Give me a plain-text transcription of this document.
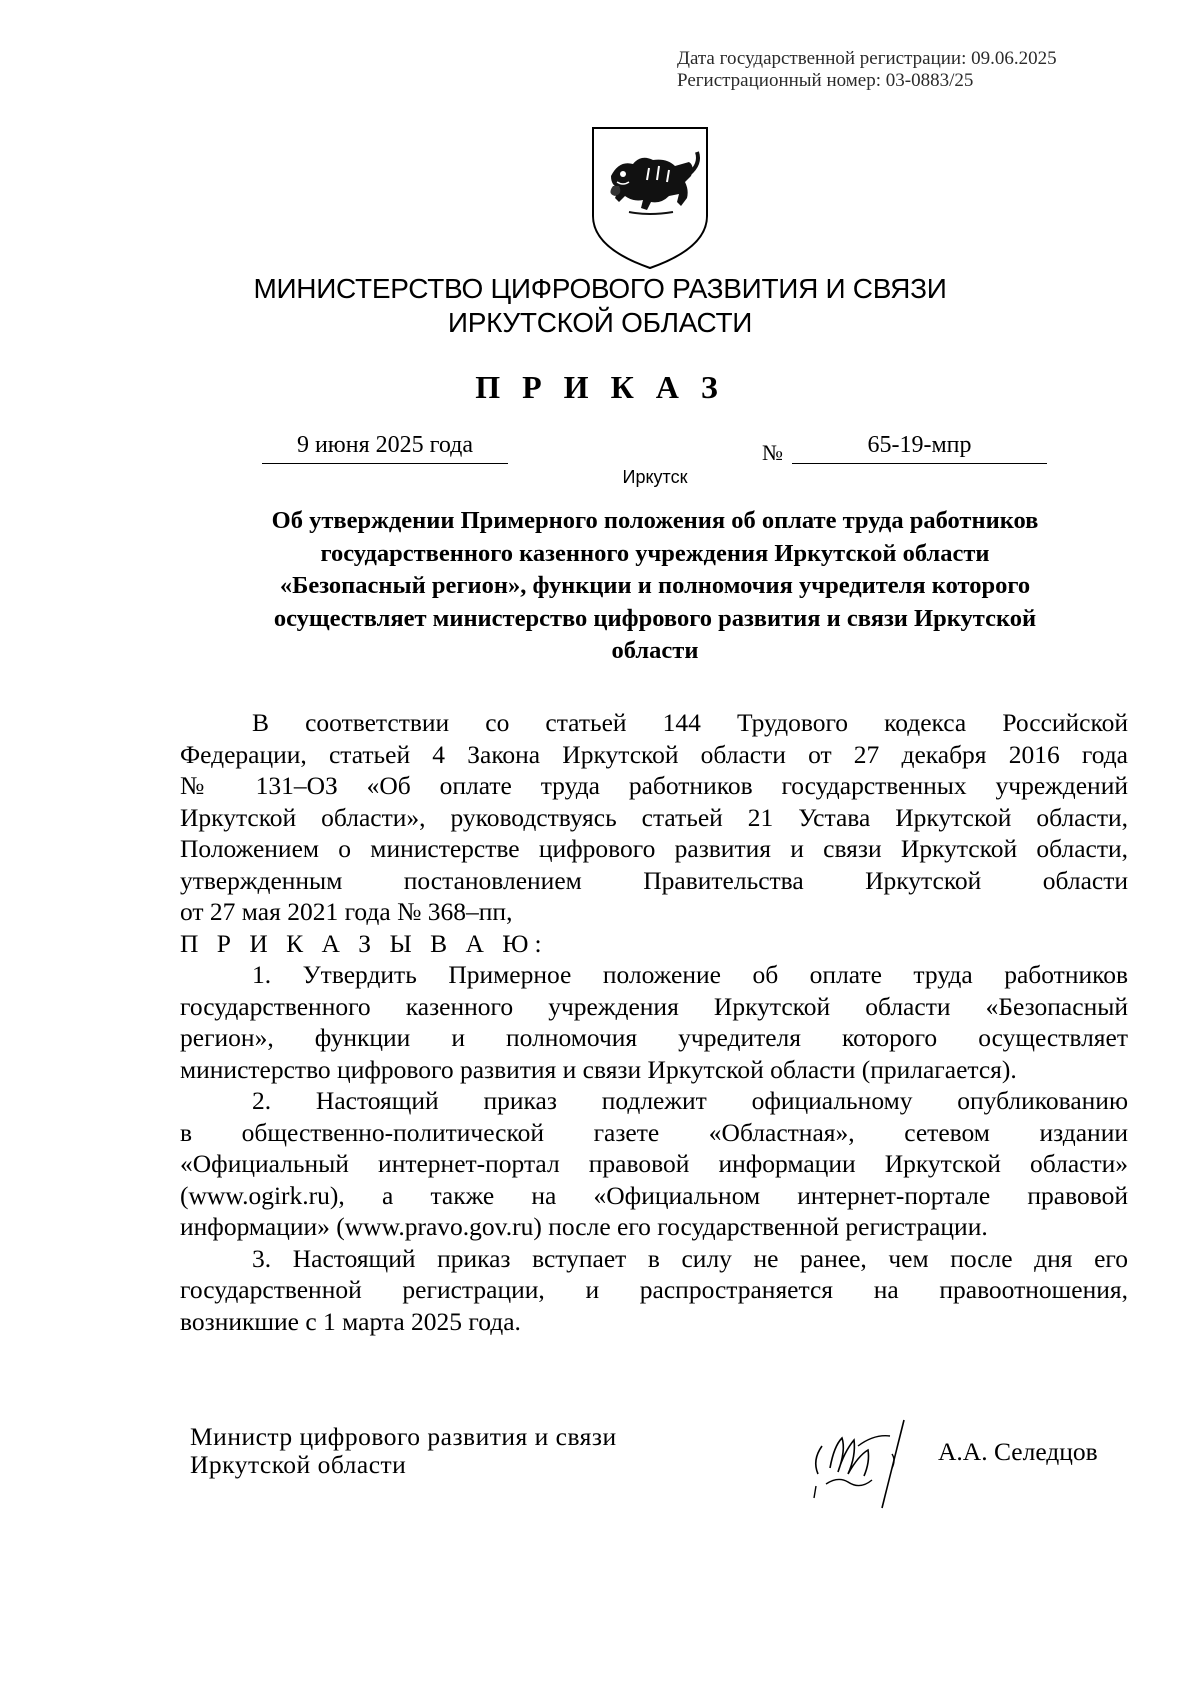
Дата государственной регистрации: 09.06.2025
Регистрационный номер: 03-0883/25
МИНИСТЕРСТВО ЦИФРОВОГО РАЗВИТИЯ И СВЯЗИ
ИРКУТСКОЙ ОБЛАСТИ
П Р И К А З
9 июня 2025 года	№	65-19-мпр
Иркутск
Об утверждении Примерного положения об оплате труда работников
государственного казенного учреждения Иркутской области
«Безопасный регион», функции и полномочия учредителя которого
осуществляет министерство цифрового развития и связи Иркутской
области

В соответствии со статьей 144 Трудового кодекса Российской

Федерации, статьей 4 Закона Иркутской области от 27 декабря 2016 года

№ 131–ОЗ «Об оплате труда работников государственных учреждений

Иркутской области», руководствуясь статьей 21 Устава Иркутской области,

Положением о министерстве цифрового развития и связи Иркутской области,

утвержденным постановлением Правительства Иркутской области

от 27 мая 2021 года № 368–пп,

П Р И К А З Ы В А Ю:

1. Утвердить Примерное положение об оплате труда работников

государственного казенного учреждения Иркутской области «Безопасный

регион», функции и полномочия учредителя которого осуществляет

министерство цифрового развития и связи Иркутской области (прилагается).

2. Настоящий приказ подлежит официальному опубликованию

в общественно-политической газете «Областная», сетевом издании

«Официальный интернет-портал правовой информации Иркутской области»

(www.ogirk.ru), а также на «Официальном интернет-портале правовой

информации» (www.pravo.gov.ru) после его государственной регистрации.

3. Настоящий приказ вступает в силу не ранее, чем после дня его

государственной регистрации, и распространяется на правоотношения,

возникшие с 1 марта 2025 года.

Министр цифрового развития и связи
Иркутской области	А.А. Селедцов
